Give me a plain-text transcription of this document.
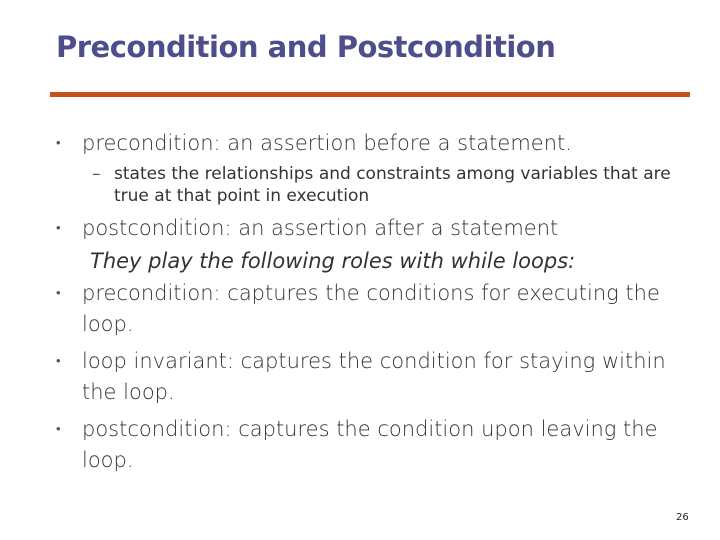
Precondition and Postcondition
• precondition: an assertion before a statement.
– states the relationships and constraints among variables that are true at that point in execution
• postcondition: an assertion after a statement
They play the following roles with while loops:
• precondition: captures the conditions for executing the loop.
• loop invariant: captures the condition for staying within the loop.
• postcondition: captures the condition upon leaving the loop.
26
